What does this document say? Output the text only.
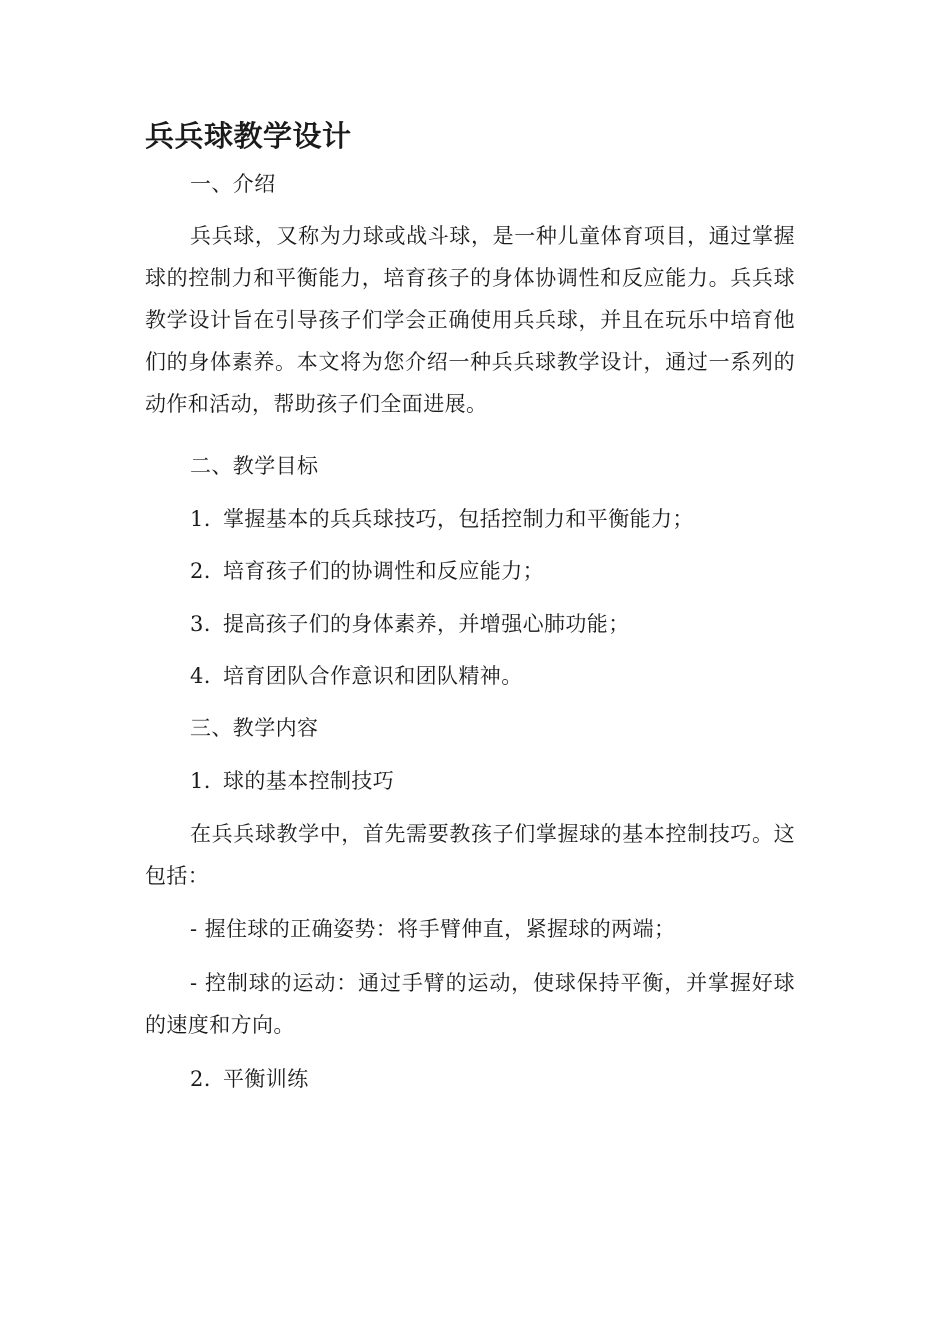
兵兵球教学设计

一、介绍

兵兵球，又称为力球或战斗球，是一种儿童体育项目，通过掌握球的控制力和平衡能力，培育孩子的身体协调性和反应能力。兵兵球教学设计旨在引导孩子们学会正确使用兵兵球，并且在玩乐中培育他们的身体素养。本文将为您介绍一种兵兵球教学设计，通过一系列的动作和活动，帮助孩子们全面进展。

二、教学目标

1. 掌握基本的兵兵球技巧，包括控制力和平衡能力；

2. 培育孩子们的协调性和反应能力；

3. 提高孩子们的身体素养，并增强心肺功能；

4. 培育团队合作意识和团队精神。

三、教学内容

1. 球的基本控制技巧

在兵兵球教学中，首先需要教孩子们掌握球的基本控制技巧。这包括：

- 握住球的正确姿势：将手臂伸直，紧握球的两端；

- 控制球的运动：通过手臂的运动，使球保持平衡，并掌握好球的速度和方向。

2. 平衡训练
